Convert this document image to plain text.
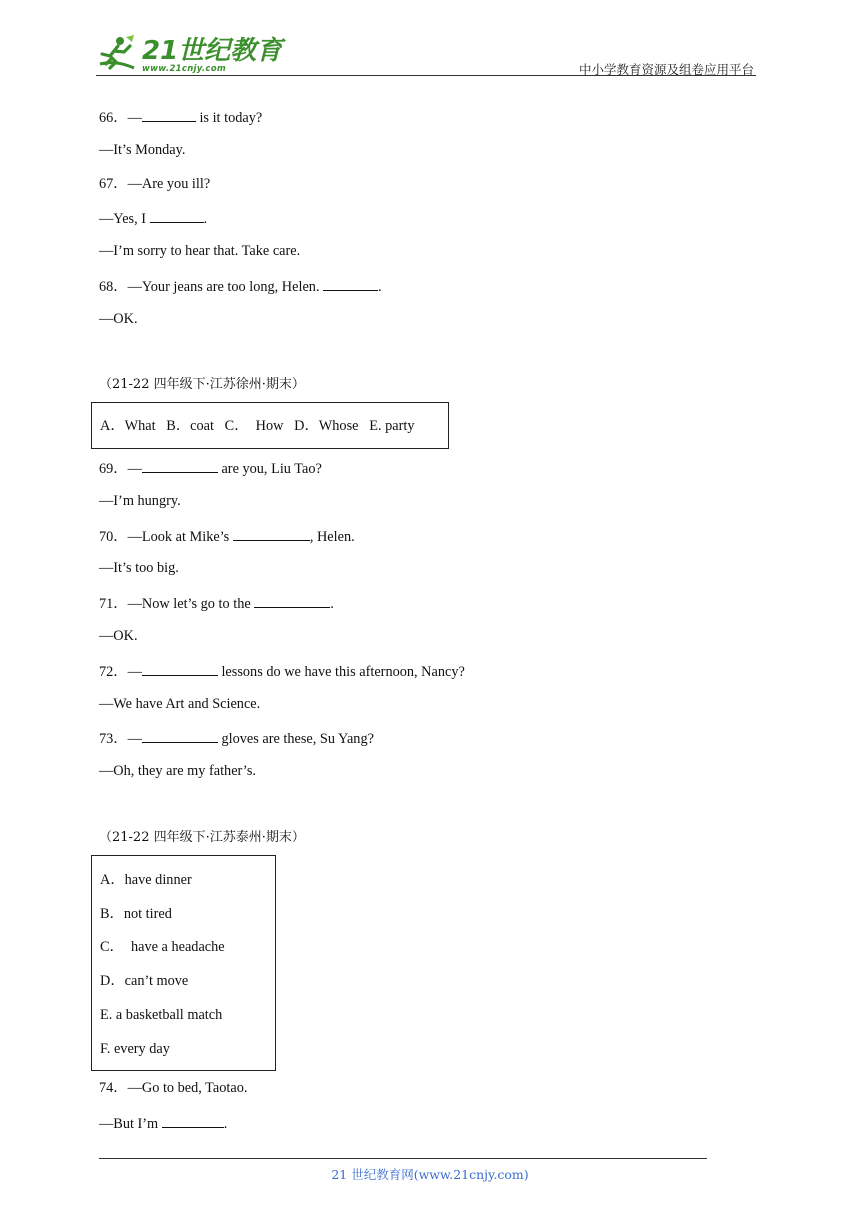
21世纪教育
www.21cnjy.com	中小学教育资源及组卷应用平台
66．—	is it today?
—It’s Monday.
67．—Are you ill?
—Yes, I	.
—I’m sorry to hear that. Take care.
68．—Your jeans are too long, Helen.	.
—OK.
（21-22 四年级下·江苏徐州·期末）
A．What   B．coat   C．  How   D．Whose   E. party
69．—	are you, Liu Tao?
—I’m hungry.
70．—Look at Mike’s	, Helen.
—It’s too big.
71．—Now let’s go to the	.
—OK.
72．—	lessons do we have this afternoon, Nancy?
—We have Art and Science.
73．—	gloves are these, Su Yang?
—Oh, they are my father’s.
（21-22 四年级下·江苏泰州·期末）
A．have dinner
B．not tired
C．  have a headache
D．can’t move
E. a basketball match
F. every day
74．—Go to bed, Taotao.
—But I’m	.
21 世纪教育网(www.21cnjy.com)
